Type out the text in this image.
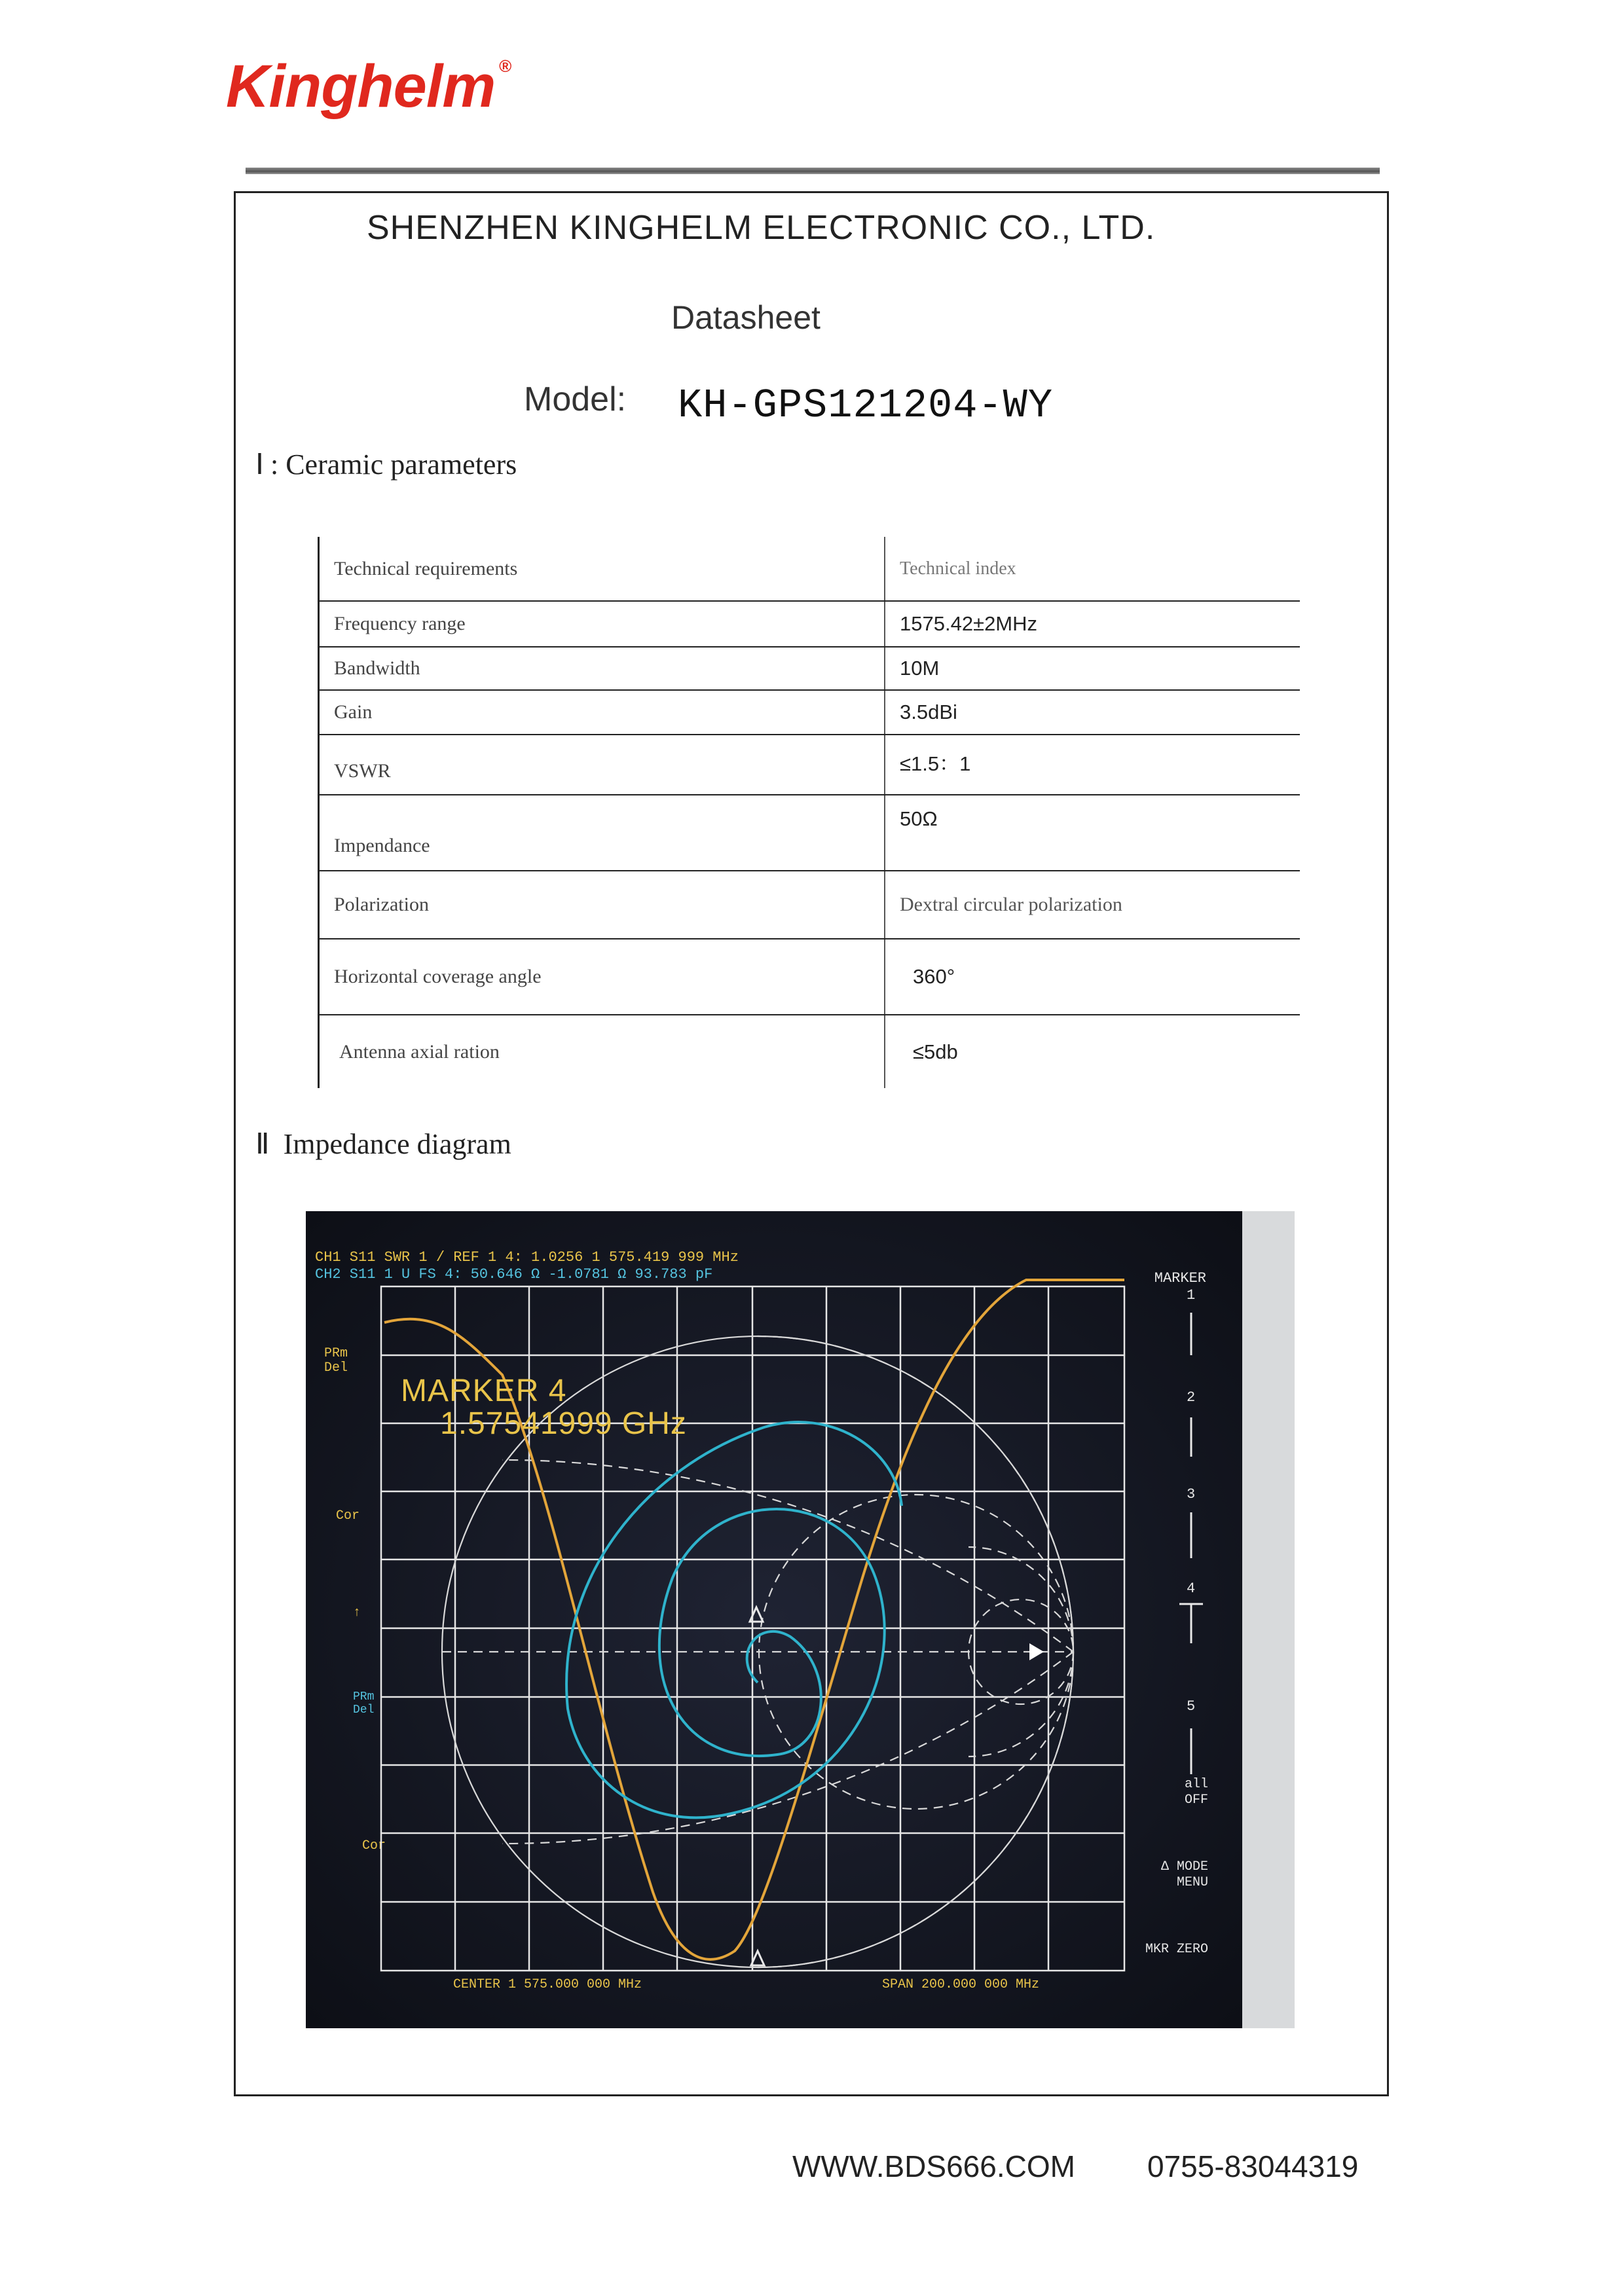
Kinghelm ®
SHENZHEN KINGHELM ELECTRONIC CO., LTD.
Datasheet
Model: KH-GPS121204-WY
Ⅰ : Ceramic parameters
Technical requirements	Technical index
Frequency range	1575.42±2MHz
Bandwidth	10M
Gain	3.5dBi
VSWR	≤1.5：1
Impendance	50Ω
Polarization	Dextral circular polarization
Horizontal coverage angle	360°
Antenna axial ration	≤5db
Ⅱ Impedance diagram
CH1 S11 SWR 1 / REF 1 4: 1.0256 1 575.419 999 MHz
CH2 S11 1 U FS 4: 50.646 Ω -1.0781 Ω 93.783 pF
PRm
Del
Cor
↑
PRm
Del
Cor
CENTER 1 575.000 000 MHz	SPAN 200.000 000 MHz
MARKER
1
2
3
4
5
all
OFF
Δ MODE
MENU
MKR ZERO
MARKER 4
1.57541999 GHz
WWW.BDS666.COM 0755-83044319
